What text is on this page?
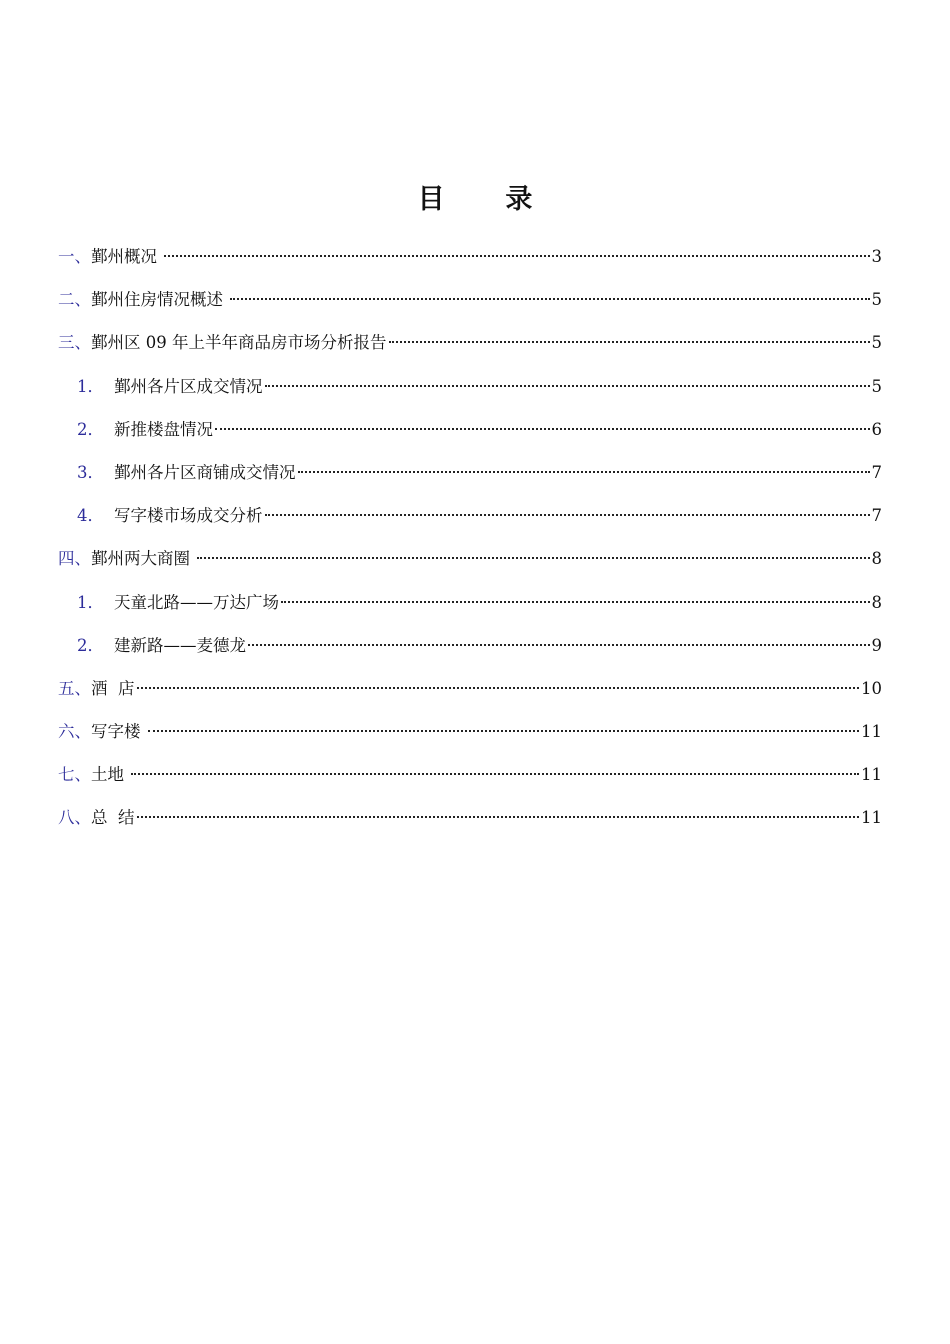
目  录
一、 鄞州概况	3
二、 鄞州住房情况概述	5
三、 鄞州区 09 年上半年商品房市场分析报告	5
1． 鄞州各片区成交情况	5
2． 新推楼盘情况	6
3． 鄞州各片区商铺成交情况	7
4． 写字楼市场成交分析	7
四、 鄞州两大商圈	8
1． 天童北路——万达广场	8
2． 建新路——麦德龙	9
五、 酒  店	10
六、 写字楼	11
七、 土地	11
八、 总  结	11
